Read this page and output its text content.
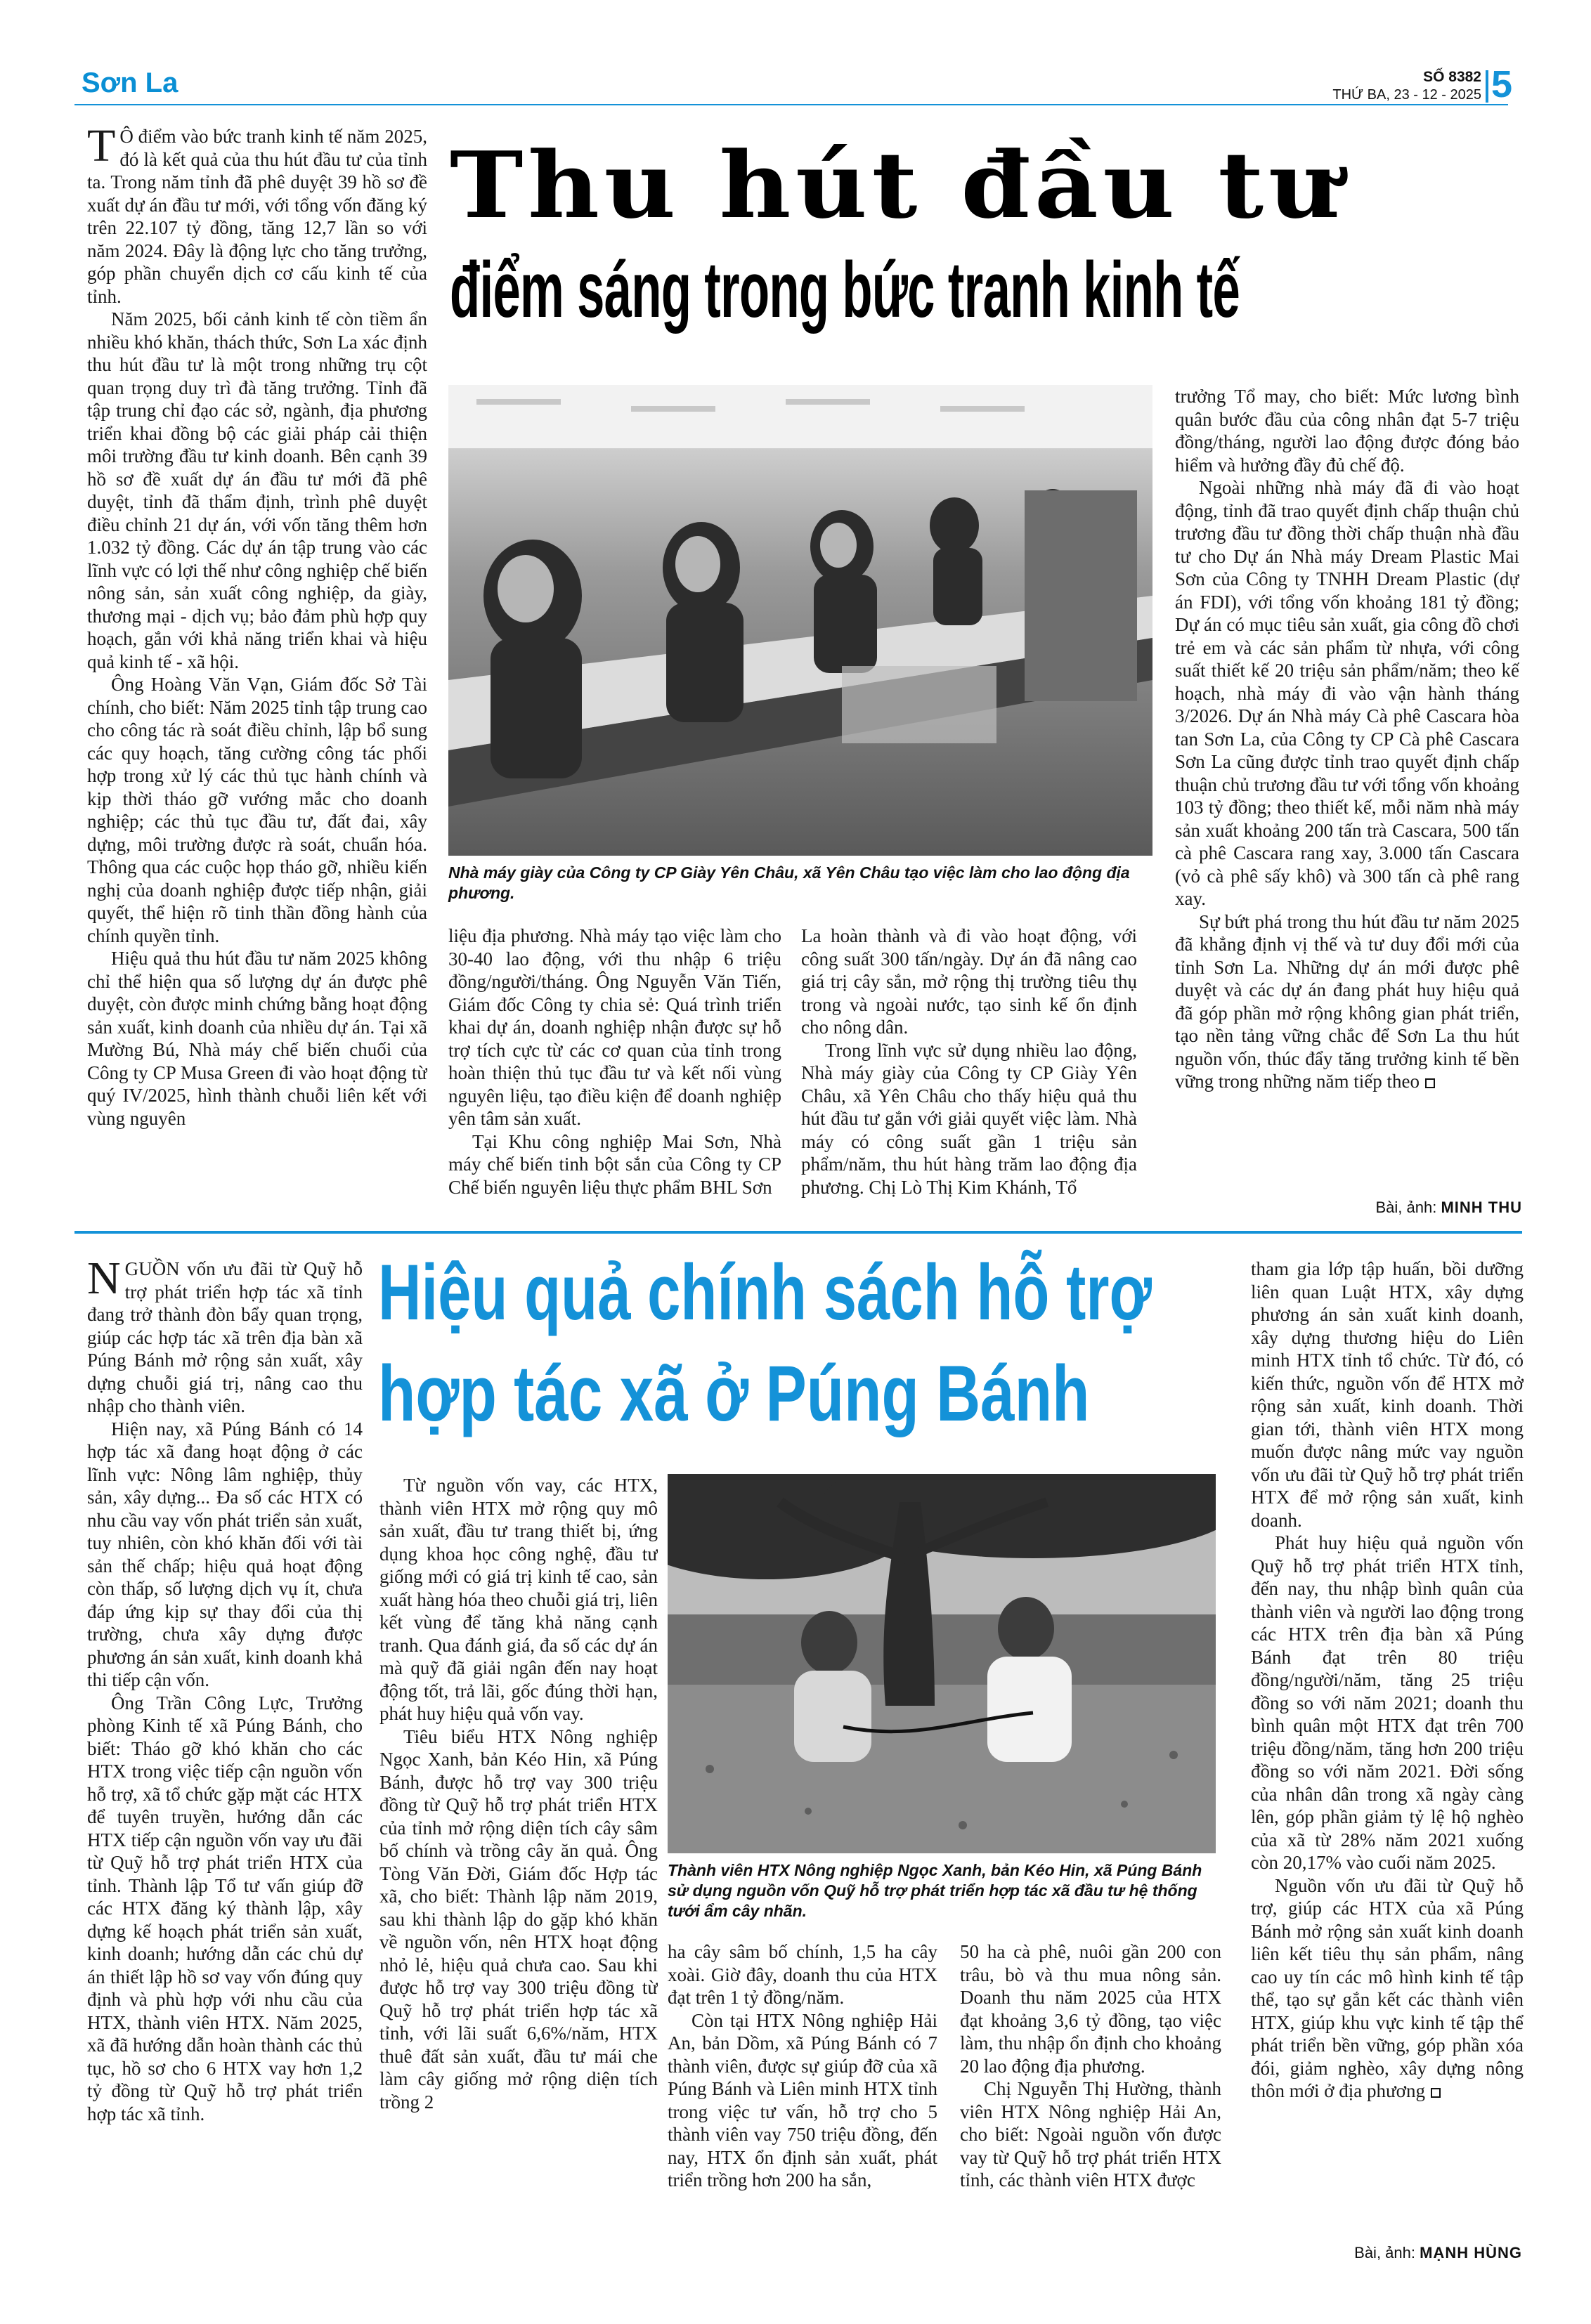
Sơn La	SỐ 8382
THỨ BA, 23 - 12 - 2025 5
Thu hút đầu tư
điểm sáng trong bức tranh kinh tế

T Ô điểm vào bức tranh kinh tế năm 2025, đó là kết quả của thu hút đầu tư của tỉnh ta. Trong năm tỉnh đã phê duyệt 39 hồ sơ đề xuất dự án đầu tư mới, với tổng vốn đăng ký trên 22.107 tỷ đồng, tăng 12,7 lần so với năm 2024. Đây là động lực cho tăng trưởng, góp phần chuyển dịch cơ cấu kinh tế của tỉnh.

Năm 2025, bối cảnh kinh tế còn tiềm ẩn nhiều khó khăn, thách thức, Sơn La xác định thu hút đầu tư là một trong những trụ cột quan trọng duy trì đà tăng trưởng. Tỉnh đã tập trung chỉ đạo các sở, ngành, địa phương triển khai đồng bộ các giải pháp cải thiện môi trường đầu tư kinh doanh. Bên cạnh 39 hồ sơ đề xuất dự án đầu tư mới đã phê duyệt, tỉnh đã thẩm định, trình phê duyệt điều chỉnh 21 dự án, với vốn tăng thêm hơn 1.032 tỷ đồng. Các dự án tập trung vào các lĩnh vực có lợi thế như công nghiệp chế biến nông sản, sản xuất công nghiệp, da giày, thương mại - dịch vụ; bảo đảm phù hợp quy hoạch, gắn với khả năng triển khai và hiệu quả kinh tế - xã hội.

Ông Hoàng Văn Vạn, Giám đốc Sở Tài chính, cho biết: Năm 2025 tỉnh tập trung cao cho công tác rà soát điều chỉnh, lập bổ sung các quy hoạch, tăng cường công tác phối hợp trong xử lý các thủ tục hành chính và kịp thời tháo gỡ vướng mắc cho doanh nghiệp; các thủ tục đầu tư, đất đai, xây dựng, môi trường được rà soát, chuẩn hóa. Thông qua các cuộc họp tháo gỡ, nhiều kiến nghị của doanh nghiệp được tiếp nhận, giải quyết, thể hiện rõ tinh thần đồng hành của chính quyền tỉnh.

Hiệu quả thu hút đầu tư năm 2025 không chỉ thể hiện qua số lượng dự án được phê duyệt, còn được minh chứng bằng hoạt động sản xuất, kinh doanh của nhiều dự án. Tại xã Mường Bú, Nhà máy chế biến chuối của Công ty CP Musa Green đi vào hoạt động từ quý IV/2025, hình thành chuỗi liên kết với vùng nguyên

Nhà máy giày của Công ty CP Giày Yên Châu, xã Yên Châu tạo việc làm cho lao động địa phương.

liệu địa phương. Nhà máy tạo việc làm cho 30-40 lao động, với thu nhập 6 triệu đồng/người/tháng. Ông Nguyễn Văn Tiến, Giám đốc Công ty chia sẻ: Quá trình triển khai dự án, doanh nghiệp nhận được sự hỗ trợ tích cực từ các cơ quan của tỉnh trong hoàn thiện thủ tục đầu tư và kết nối vùng nguyên liệu, tạo điều kiện để doanh nghiệp yên tâm sản xuất.

Tại Khu công nghiệp Mai Sơn, Nhà máy chế biến tinh bột sắn của Công ty CP Chế biến nguyên liệu thực phẩm BHL Sơn

La hoàn thành và đi vào hoạt động, với công suất 300 tấn/ngày. Dự án đã nâng cao giá trị cây sắn, mở rộng thị trường tiêu thụ trong và ngoài nước, tạo sinh kế ổn định cho nông dân.

Trong lĩnh vực sử dụng nhiều lao động, Nhà máy giày của Công ty CP Giày Yên Châu, xã Yên Châu cho thấy hiệu quả thu hút đầu tư gắn với giải quyết việc làm. Nhà máy có công suất gần 1 triệu sản phẩm/năm, thu hút hàng trăm lao động địa phương. Chị Lò Thị Kim Khánh, Tổ

trưởng Tổ may, cho biết: Mức lương bình quân bước đầu của công nhân đạt 5-7 triệu đồng/tháng, người lao động được đóng bảo hiểm và hưởng đầy đủ chế độ.

Ngoài những nhà máy đã đi vào hoạt động, tỉnh đã trao quyết định chấp thuận chủ trương đầu tư đồng thời chấp thuận nhà đầu tư cho Dự án Nhà máy Dream Plastic Mai Sơn của Công ty TNHH Dream Plastic (dự án FDI), với tổng vốn khoảng 181 tỷ đồng; Dự án có mục tiêu sản xuất, gia công đồ chơi trẻ em và các sản phẩm từ nhựa, với công suất thiết kế 20 triệu sản phẩm/năm; theo kế hoạch, nhà máy đi vào vận hành tháng 3/2026. Dự án Nhà máy Cà phê Cascara hòa tan Sơn La, của Công ty CP Cà phê Cascara Sơn La cũng được tỉnh trao quyết định chấp thuận chủ trương đầu tư với tổng vốn khoảng 103 tỷ đồng; theo thiết kế, mỗi năm nhà máy sản xuất khoảng 200 tấn trà Cascara, 500 tấn cà phê Cascara rang xay, 3.000 tấn Cascara (vỏ cà phê sấy khô) và 300 tấn cà phê rang xay.

Sự bứt phá trong thu hút đầu tư năm 2025 đã khẳng định vị thế và tư duy đổi mới của tỉnh Sơn La. Những dự án mới được phê duyệt và các dự án đang phát huy hiệu quả đã góp phần mở rộng không gian phát triển, tạo nền tảng vững chắc để Sơn La thu hút nguồn vốn, thúc đẩy tăng trưởng kinh tế bền vững trong những năm tiếp theo

Bài, ảnh: MINH THU
Hiệu quả chính sách hỗ trợ
hợp tác xã ở Púng Bánh

NGUỒN vốn ưu đãi từ Quỹ hỗ trợ phát triển hợp tác xã tỉnh đang trở thành đòn bẩy quan trọng, giúp các hợp tác xã trên địa bàn xã Púng Bánh mở rộng sản xuất, xây dựng chuỗi giá trị, nâng cao thu nhập cho thành viên.

Hiện nay, xã Púng Bánh có 14 hợp tác xã đang hoạt động ở các lĩnh vực: Nông lâm nghiệp, thủy sản, xây dựng... Đa số các HTX có nhu cầu vay vốn phát triển sản xuất, tuy nhiên, còn khó khăn đối với tài sản thế chấp; hiệu quả hoạt động còn thấp, số lượng dịch vụ ít, chưa đáp ứng kịp sự thay đổi của thị trường, chưa xây dựng được phương án sản xuất, kinh doanh khả thi tiếp cận vốn.

Ông Trần Công Lực, Trưởng phòng Kinh tế xã Púng Bánh, cho biết: Tháo gỡ khó khăn cho các HTX trong việc tiếp cận nguồn vốn hỗ trợ, xã tổ chức gặp mặt các HTX để tuyên truyền, hướng dẫn các HTX tiếp cận nguồn vốn vay ưu đãi từ Quỹ hỗ trợ phát triển HTX của tỉnh. Thành lập Tổ tư vấn giúp đỡ các HTX đăng ký thành lập, xây dựng kế hoạch phát triển sản xuất, kinh doanh; hướng dẫn các chủ dự án thiết lập hồ sơ vay vốn đúng quy định và phù hợp với nhu cầu của HTX, thành viên HTX. Năm 2025, xã đã hướng dẫn hoàn thành các thủ tục, hồ sơ cho 6 HTX vay hơn 1,2 tỷ đồng từ Quỹ hỗ trợ phát triển hợp tác xã tỉnh.

Từ nguồn vốn vay, các HTX, thành viên HTX mở rộng quy mô sản xuất, đầu tư trang thiết bị, ứng dụng khoa học công nghệ, đầu tư giống mới có giá trị kinh tế cao, sản xuất hàng hóa theo chuỗi giá trị, liên kết vùng để tăng khả năng cạnh tranh. Qua đánh giá, đa số các dự án mà quỹ đã giải ngân đến nay hoạt động tốt, trả lãi, gốc đúng thời hạn, phát huy hiệu quả vốn vay.

Tiêu biểu HTX Nông nghiệp Ngọc Xanh, bản Kéo Hin, xã Púng Bánh, được hỗ trợ vay 300 triệu đồng từ Quỹ hỗ trợ phát triển HTX của tỉnh mở rộng diện tích cây sâm bố chính và trồng cây ăn quả. Ông Tòng Văn Đời, Giám đốc Hợp tác xã, cho biết: Thành lập năm 2019, sau khi thành lập do gặp khó khăn về nguồn vốn, nên HTX hoạt động nhỏ lẻ, hiệu quả chưa cao. Sau khi được hỗ trợ vay 300 triệu đồng từ Quỹ hỗ trợ phát triển hợp tác xã tỉnh, với lãi suất 6,6%/năm, HTX thuê đất sản xuất, đầu tư mái che làm cây giống mở rộng diện tích trồng 2

Thành viên HTX Nông nghiệp Ngọc Xanh, bản Kéo Hin, xã Púng Bánh sử dụng nguồn vốn Quỹ hỗ trợ phát triển hợp tác xã đầu tư hệ thống tưới ẩm cây nhãn.

ha cây sâm bố chính, 1,5 ha cây xoài. Giờ đây, doanh thu của HTX đạt trên 1 tỷ đồng/năm.

Còn tại HTX Nông nghiệp Hải An, bản Dồm, xã Púng Bánh có 7 thành viên, được sự giúp đỡ của xã Púng Bánh và Liên minh HTX tỉnh trong việc tư vấn, hỗ trợ cho 5 thành viên vay 750 triệu đồng, đến nay, HTX ổn định sản xuất, phát triển trồng hơn 200 ha sắn,

50 ha cà phê, nuôi gần 200 con trâu, bò và thu mua nông sản. Doanh thu năm 2025 của HTX đạt khoảng 3,6 tỷ đồng, tạo việc làm, thu nhập ổn định cho khoảng 20 lao động địa phương.

Chị Nguyễn Thị Hường, thành viên HTX Nông nghiệp Hải An, cho biết: Ngoài nguồn vốn được vay từ Quỹ hỗ trợ phát triển HTX tỉnh, các thành viên HTX được

tham gia lớp tập huấn, bồi dưỡng liên quan Luật HTX, xây dựng phương án sản xuất kinh doanh, xây dựng thương hiệu do Liên minh HTX tỉnh tổ chức. Từ đó, có kiến thức, nguồn vốn để HTX mở rộng sản xuất, kinh doanh. Thời gian tới, thành viên HTX mong muốn được nâng mức vay nguồn vốn ưu đãi từ Quỹ hỗ trợ phát triển HTX để mở rộng sản xuất, kinh doanh.

Phát huy hiệu quả nguồn vốn Quỹ hỗ trợ phát triển HTX tỉnh, đến nay, thu nhập bình quân của thành viên và người lao động trong các HTX trên địa bàn xã Púng Bánh đạt trên 80 triệu đồng/người/năm, tăng 25 triệu đồng so với năm 2021; doanh thu bình quân một HTX đạt trên 700 triệu đồng/năm, tăng hơn 200 triệu đồng so với năm 2021. Đời sống của nhân dân trong xã ngày càng lên, góp phần giảm tỷ lệ hộ nghèo của xã từ 28% năm 2021 xuống còn 20,17% vào cuối năm 2025.

Nguồn vốn ưu đãi từ Quỹ hỗ trợ, giúp các HTX của xã Púng Bánh mở rộng sản xuất kinh doanh liên kết tiêu thụ sản phẩm, nâng cao uy tín các mô hình kinh tế tập thể, tạo sự gắn kết các thành viên HTX, giúp khu vực kinh tế tập thể phát triển bền vững, góp phần xóa đói, giảm nghèo, xây dựng nông thôn mới ở địa phương

Bài, ảnh: MẠNH HÙNG
